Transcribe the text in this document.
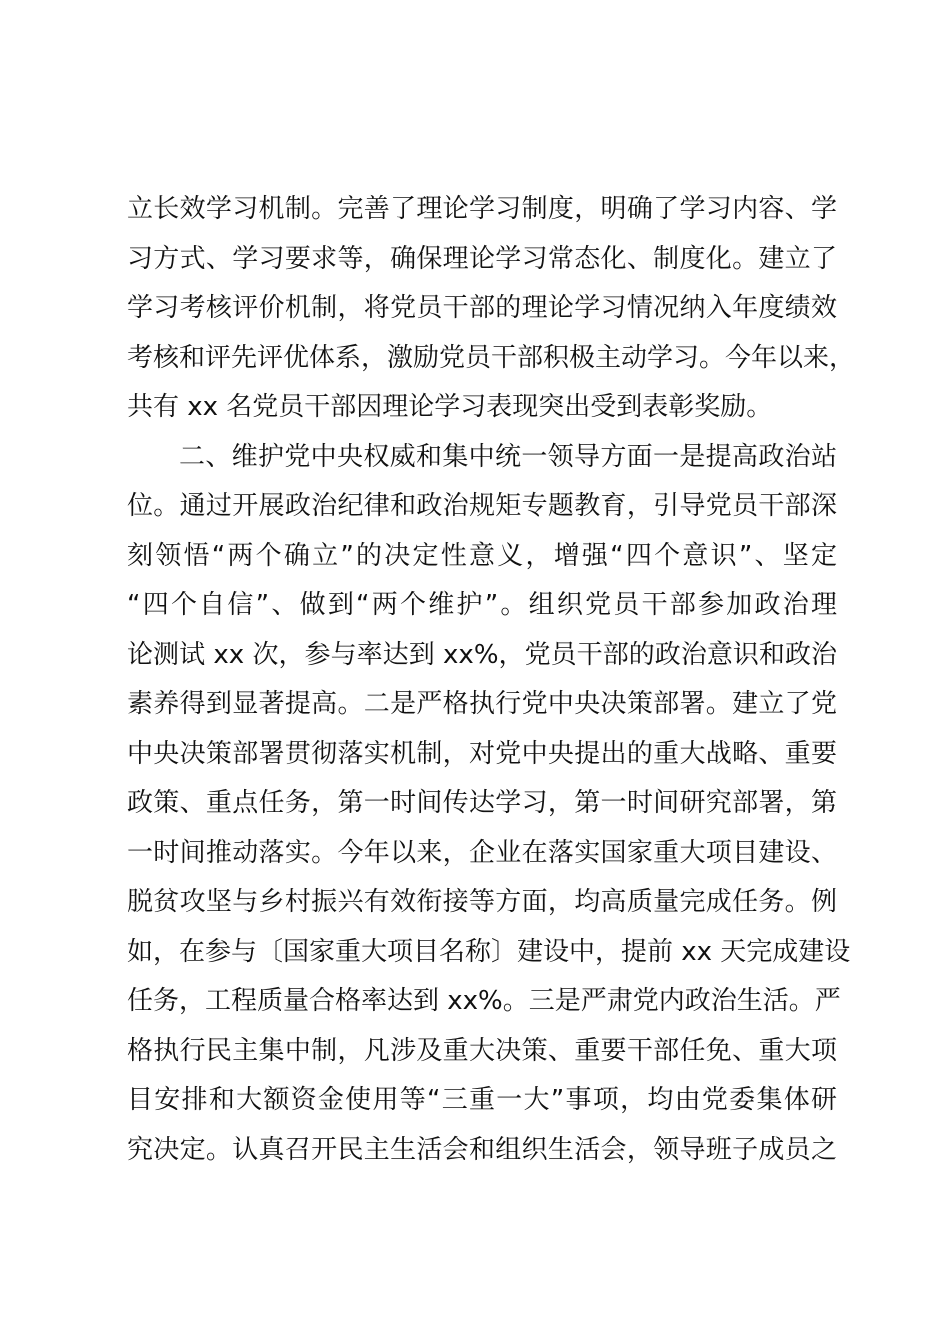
立长效学习机制。完善了理论学习制度，明确了学习内容、学
习方式、学习要求等，确保理论学习常态化、制度化。建立了
学习考核评价机制，将党员干部的理论学习情况纳入年度绩效
考核和评先评优体系，激励党员干部积极主动学习。今年以来，
共有 xx 名党员干部因理论学习表现突出受到表彰奖励。
二、维护党中央权威和集中统一领导方面一是提高政治站
位。通过开展政治纪律和政治规矩专题教育，引导党员干部深
刻领悟“两个确立”的决定性意义，增强“四个意识”、坚定
“四个自信”、做到“两个维护”。组织党员干部参加政治理
论测试 xx 次，参与率达到 xx%，党员干部的政治意识和政治
素养得到显著提高。二是严格执行党中央决策部署。建立了党
中央决策部署贯彻落实机制，对党中央提出的重大战略、重要
政策、重点任务，第一时间传达学习，第一时间研究部署，第
一时间推动落实。今年以来，企业在落实国家重大项目建设、
脱贫攻坚与乡村振兴有效衔接等方面，均高质量完成任务。例
如，在参与〔国家重大项目名称〕建设中，提前 xx 天完成建设
任务，工程质量合格率达到 xx%。三是严肃党内政治生活。严
格执行民主集中制，凡涉及重大决策、重要干部任免、重大项
目安排和大额资金使用等“三重一大”事项，均由党委集体研
究决定。认真召开民主生活会和组织生活会，领导班子成员之
